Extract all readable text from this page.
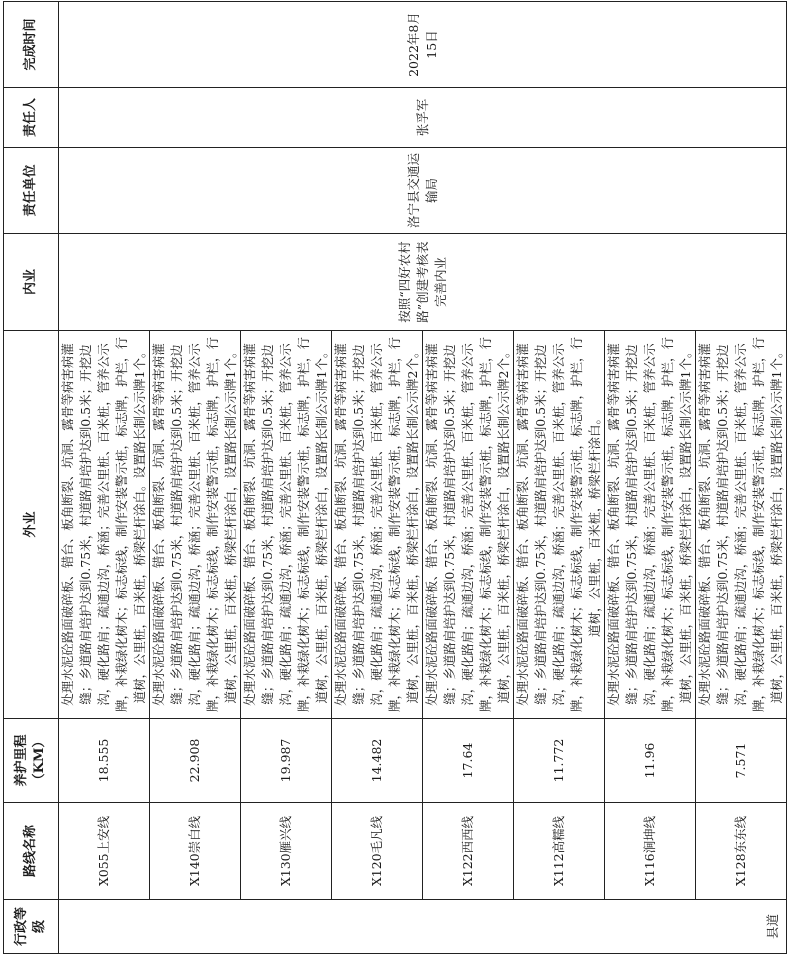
行政等级	路线名称	养护里程（KM）	外业	内业	责任单位	责任人	完成时间
县道	X055上安线	18.555	处理水泥砼路面破碎板、错台、板角断裂、坑洞、露骨等病害病灌缝；乡道路肩培护达到0.75米，村道路肩培护达到0.5米；开挖边沟，硬化路肩；疏通边沟，桥涵；完善公里桩、百米桩，管养公示牌，补栽绿化树木；标志标线，制作安装警示桩，标志牌，护栏，行道树，公里桩，百米桩，桥梁栏杆涂白。设置路长制公示牌1个。	按照“四好农村路”创建考核表完善内业	洛宁县交通运输局	张孚军	2022年8月15日
	X140崇白线	22.908	处理水泥砼路面破碎板、错台、板角断裂、坑洞、露骨等病害病灌缝；乡道路肩培护达到0.75米，村道路肩培护达到0.5米；开挖边沟，硬化路肩；疏通边沟，桥涵；完善公里桩、百米桩，管养公示牌，补栽绿化树木；标志标线，制作安装警示桩，标志牌，护栏，行道树，公里桩，百米桩，桥梁栏杆涂白，设置路长制公示牌1个。				
	X130雁兴线	19.987	处理水泥砼路面破碎板、错台、板角断裂、坑洞、露骨等病害病灌缝；乡道路肩培护达到0.75米，村道路肩培护达到0.5米；开挖边沟，硬化路肩；疏通边沟，桥涵；完善公里桩、百米桩，管养公示牌，补栽绿化树木；标志标线，制作安装警示桩，标志牌，护栏，行道树，公里桩，百米桩，桥梁栏杆涂白，设置路长制公示牌1个。				
	X120毛凡线	14.482	处理水泥砼路面破碎板、错台、板角断裂、坑洞、露骨等病害病灌缝；乡道路肩培护达到0.75米，村道路肩培护达到0.5米；开挖边沟，硬化路肩；疏通边沟，桥涵；完善公里桩、百米桩，管养公示牌，补栽绿化树木；标志标线，制作安装警示桩，标志牌，护栏，行道树，公里桩，百米桩，桥梁栏杆涂白，设置路长制公示牌2个。				
	X122西西线	17.64	处理水泥砼路面破碎板、错台、板角断裂、坑洞、露骨等病害病灌缝；乡道路肩培护达到0.75米，村道路肩培护达到0.5米；开挖边沟，硬化路肩；疏通边沟，桥涵；完善公里桩、百米桩，管养公示牌，补栽绿化树木；标志标线，制作安装警示桩，标志牌，护栏，行道树，公里桩，百米桩，桥梁栏杆涂白，设置路长制公示牌2个。				
	X112高糯线	11.772	处理水泥砼路面破碎板、错台、板角断裂、坑洞、露骨等病害病灌缝；乡道路肩培护达到0.75米，村道路肩培护达到0.5米；开挖边沟，硬化路肩；疏通边沟，桥涵；完善公里桩、百米桩，管养公示牌，补栽绿化树木；标志标线，制作安装警示桩，标志牌，护栏，行道树，公里桩，百米桩，桥梁栏杆涂白。				
	X116涧坤线	11.96	处理水泥砼路面破碎板、错台、板角断裂、坑洞、露骨等病害病灌缝；乡道路肩培护达到0.75米，村道路肩培护达到0.5米；开挖边沟，硬化路肩；疏通边沟，桥涵；完善公里桩、百米桩，管养公示牌，补栽绿化树木；标志标线，制作安装警示桩，标志牌，护栏，行道树，公里桩，百米桩，桥梁栏杆涂白，设置路长制公示牌1个。				
	X128东东线	7.571	处理水泥砼路面破碎板、错台、板角断裂、坑洞、露骨等病害病灌缝；乡道路肩培护达到0.75米，村道路肩培护达到0.5米；开挖边沟，硬化路肩；疏通边沟，桥涵；完善公里桩、百米桩，管养公示牌，补栽绿化树木；标志标线，制作安装警示桩，标志牌，护栏，行道树，公里桩，百米桩，桥梁栏杆涂白，设置路长制公示牌1个。				
